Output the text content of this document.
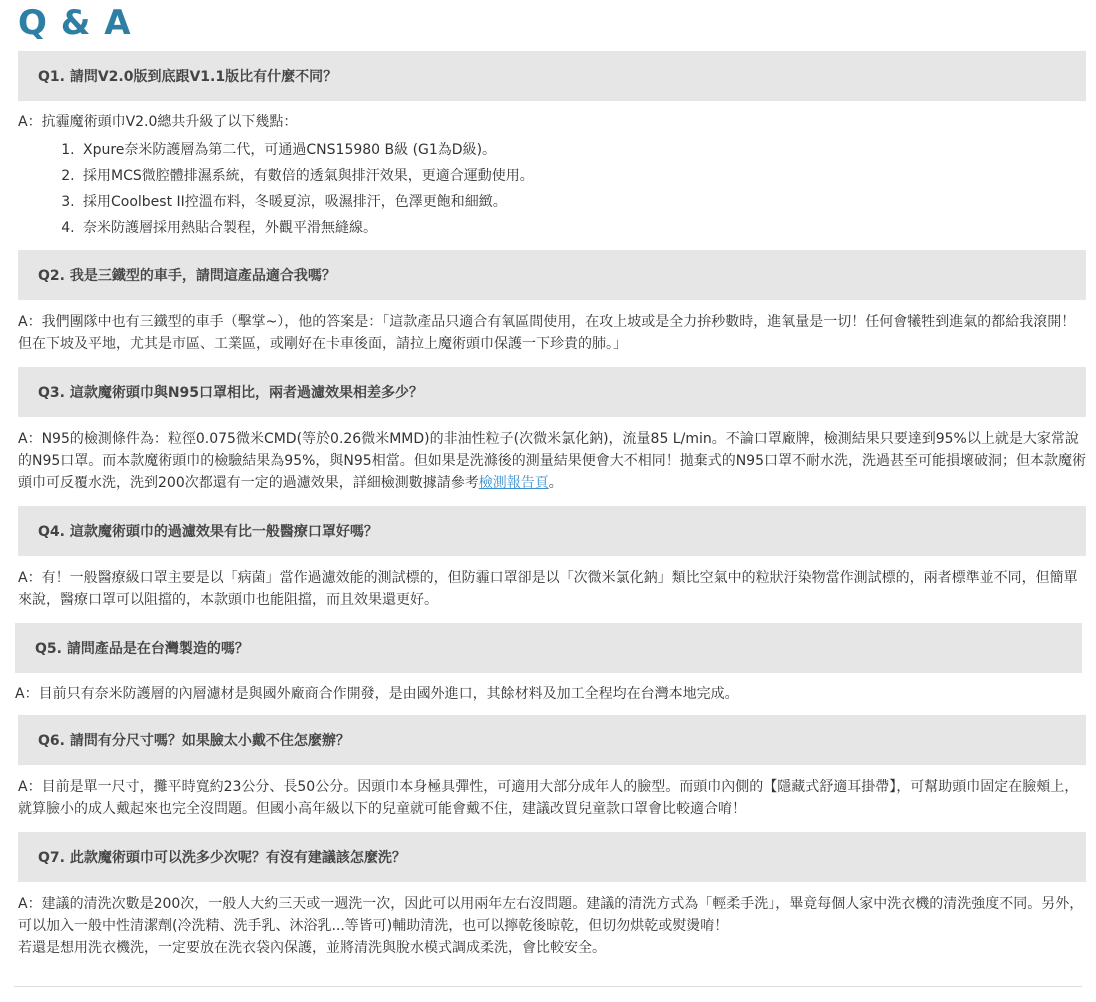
Q & A
Q1. 請問V2.0版到底跟V1.1版比有什麼不同？

A：抗霾魔術頭巾V2.0總共升級了以下幾點：

1. Xpure奈米防護層為第二代，可通過CNS15980 B級 (G1為D級)。
2. 採用MCS微腔體排濕系統，有數倍的透氣與排汗效果，更適合運動使用。
3. 採用Coolbest II控溫布料，冬暖夏涼，吸濕排汗，色澤更飽和細緻。
4. 奈米防護層採用熱貼合製程，外觀平滑無縫線。
Q2. 我是三鐵型的車手，請問這產品適合我嗎？

A：我們團隊中也有三鐵型的車手（擊掌~），他的答案是：「這款產品只適合有氧區間使用，在攻上坡或是全力拚秒數時，進氧量是一切！任何會犧牲到進氣的都給我滾開！但在下坡及平地，尤其是市區、工業區，或剛好在卡車後面，請拉上魔術頭巾保護一下珍貴的肺。」

Q3. 這款魔術頭巾與N95口罩相比，兩者過濾效果相差多少？

A：N95的檢測條件為：粒徑0.075微米CMD(等於0.26微米MMD)的非油性粒子(次微米氯化鈉)，流量85 L/min。不論口罩廠牌，檢測結果只要達到95%以上就是大家常說的N95口罩。而本款魔術頭巾的檢驗結果為95%，與N95相當。但如果是洗滌後的測量結果便會大不相同！拋棄式的N95口罩不耐水洗，洗過甚至可能損壞破洞；但本款魔術頭巾可反覆水洗，洗到200次都還有一定的過濾效果，詳細檢測數據請參考檢測報告頁。

Q4. 這款魔術頭巾的過濾效果有比一般醫療口罩好嗎？

A：有！一般醫療級口罩主要是以「病菌」當作過濾效能的測試標的，但防霾口罩卻是以「次微米氯化鈉」類比空氣中的粒狀汙染物當作測試標的，兩者標準並不同，但簡單來說，醫療口罩可以阻擋的，本款頭巾也能阻擋，而且效果還更好。

Q5. 請問產品是在台灣製造的嗎？

A：目前只有奈米防護層的內層濾材是與國外廠商合作開發，是由國外進口，其餘材料及加工全程均在台灣本地完成。

Q6. 請問有分尺寸嗎？如果臉太小戴不住怎麼辦？

A：目前是單一尺寸，攤平時寬約23公分、長50公分。因頭巾本身極具彈性，可適用大部分成年人的臉型。而頭巾內側的【隱藏式舒適耳掛帶】，可幫助頭巾固定在臉頰上，就算臉小的成人戴起來也完全沒問題。但國小高年級以下的兒童就可能會戴不住，建議改買兒童款口罩會比較適合唷！

Q7. 此款魔術頭巾可以洗多少次呢？有沒有建議該怎麼洗？

A：建議的清洗次數是200次，一般人大約三天或一週洗一次，因此可以用兩年左右沒問題。建議的清洗方式為「輕柔手洗」，畢竟每個人家中洗衣機的清洗強度不同。另外，可以加入一般中性清潔劑(冷洗精、洗手乳、沐浴乳...等皆可)輔助清洗，也可以擰乾後晾乾，但切勿烘乾或熨燙唷！

若還是想用洗衣機洗，一定要放在洗衣袋內保護，並將清洗與脫水模式調成柔洗，會比較安全。
